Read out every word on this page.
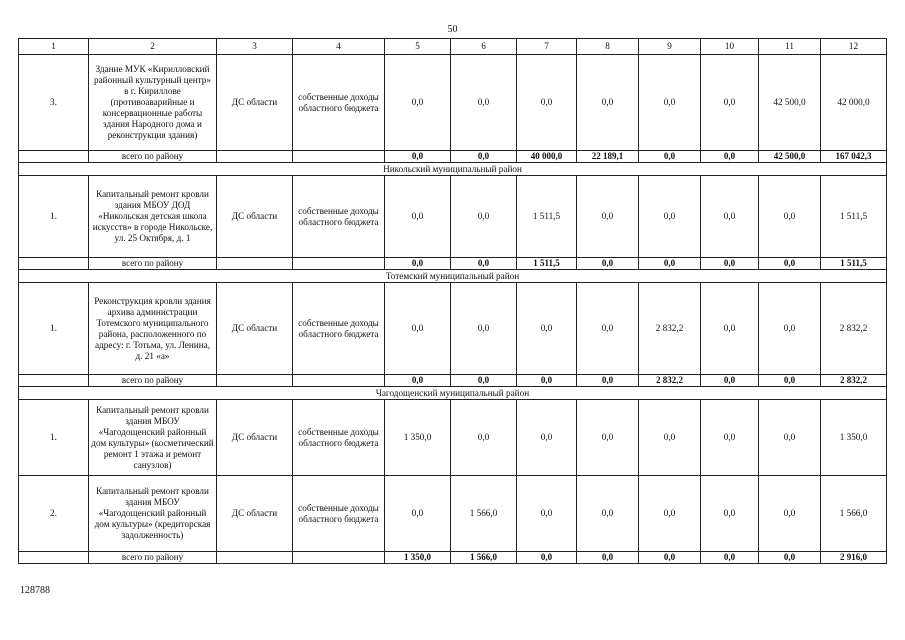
50
1	2	3	4	5	6	7	8	9	10	11	12
3.	Здание МУК «Кирилловский районный культурный центр» в г. Кириллове (противоаварийные и консервационные работы здания Народного дома и реконструкция здания)	ДС области	собственные доходы областного бюджета	0,0	0,0	0,0	0,0	0,0	0,0	42 500,0	42 000,0
	всего по району			0,0	0,0	40 000,0	22 189,1	0,0	0,0	42 500,0	167 042,3
Никольский муниципальный район											
1.	Капитальный ремонт кровли здания МБОУ ДОД «Никольская детская школа искусств» в городе Никольске, ул. 25 Октября, д. 1	ДС области	собственные доходы областного бюджета	0,0	0,0	1 511,5	0,0	0,0	0,0	0,0	1 511,5
	всего по району			0,0	0,0	1 511,5	0,0	0,0	0,0	0,0	1 511,5
Тотемский муниципальный район											
1.	Реконструкция кровли здания архива администрации Тотемского муниципального района, расположенного по адресу: г. Тотьма, ул. Ленина, д. 21 «а»	ДС области	собственные доходы областного бюджета	0,0	0,0	0,0	0,0	2 832,2	0,0	0,0	2 832,2
	всего по району			0,0	0,0	0,0	0,0	2 832,2	0,0	0,0	2 832,2
Чагодощенский муниципальный район											
1.	Капитальный ремонт кровли здания МБОУ «Чагодощенский районный дом культуры» (косметический ремонт 1 этажа и ремонт санузлов)	ДС области	собственные доходы областного бюджета	1 350,0	0,0	0,0	0,0	0,0	0,0	0,0	1 350,0
2.	Капитальный ремонт кровли здания МБОУ «Чагодощенский районный дом культуры» (кредиторская задолженность)	ДС области	собственные доходы областного бюджета	0,0	1 566,0	0,0	0,0	0,0	0,0	0,0	1 566,0
	всего по району			1 350,0	1 566,0	0,0	0,0	0,0	0,0	0,0	2 916,0
128788
